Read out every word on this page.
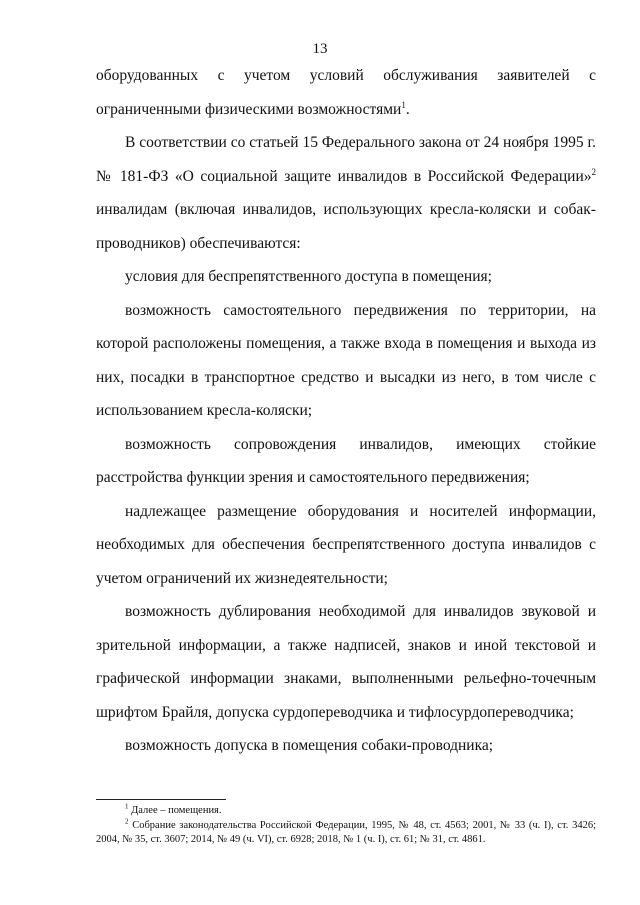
13

оборудованных с учетом условий обслуживания заявителей с ограниченными физическими возможностями$^1$.

В соответствии со статьей 15 Федерального закона от 24 ноября 1995 г. № 181-ФЗ «О социальной защите инвалидов в Российской Федерации»$^2$ инвалидам (включая инвалидов, использующих кресла-коляски и собак-проводников) обеспечиваются:

условия для беспрепятственного доступа в помещения;

возможность самостоятельного передвижения по территории, на которой расположены помещения, а также входа в помещения и выхода из них, посадки в транспортное средство и высадки из него, в том числе с использованием кресла-коляски;

возможность сопровождения инвалидов, имеющих стойкие расстройства функции зрения и самостоятельного передвижения;

надлежащее размещение оборудования и носителей информации, необходимых для обеспечения беспрепятственного доступа инвалидов с учетом ограничений их жизнедеятельности;

возможность дублирования необходимой для инвалидов звуковой и зрительной информации, а также надписей, знаков и иной текстовой и графической информации знаками, выполненными рельефно-точечным шрифтом Брайля, допуска сурдопереводчика и тифлосурдопереводчика;

возможность допуска в помещения собаки-проводника;

$^1$ Далее – помещения.

$^2$ Собрание законодательства Российской Федерации, 1995, № 48, ст. 4563; 2001, № 33 (ч. I), ст. 3426; 2004, № 35, ст. 3607; 2014, № 49 (ч. VI), ст. 6928; 2018, № 1 (ч. I), ст. 61; № 31, ст. 4861.
